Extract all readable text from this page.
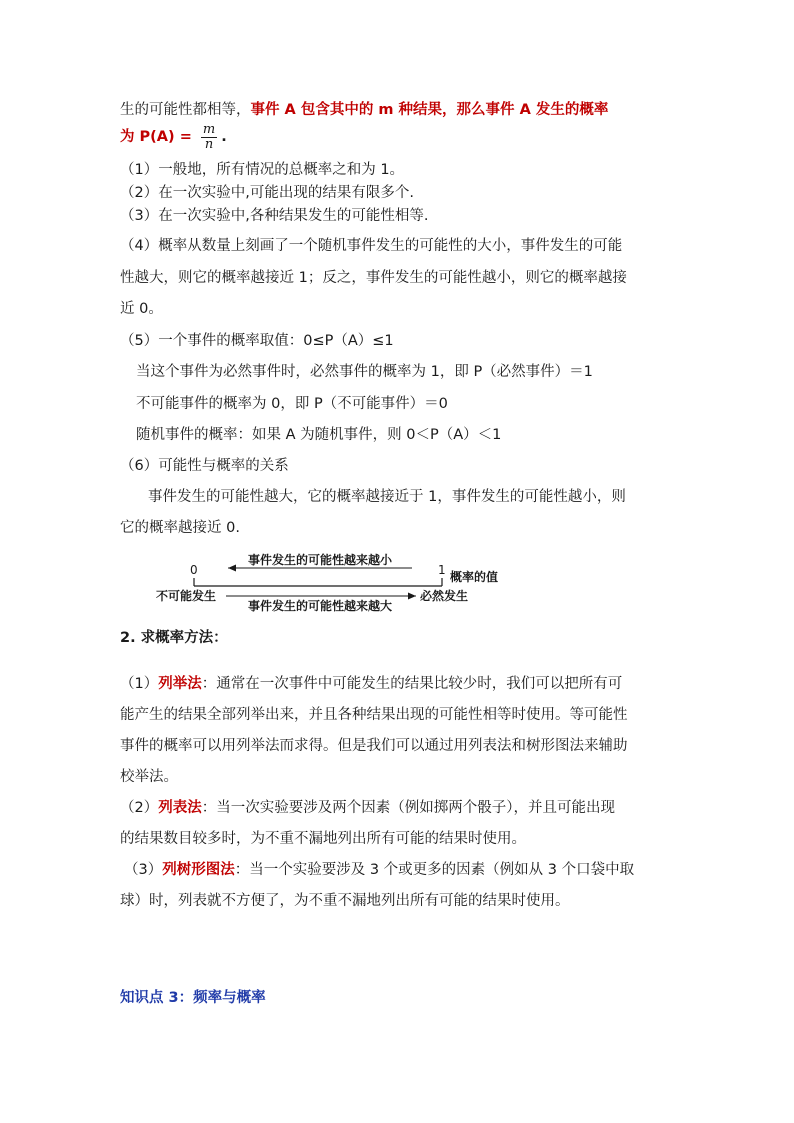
生的可能性都相等，事件 A 包含其中的 m 种结果，那么事件 A 发生的概率
为 $P(A) = \frac{m}{n}$ .
（1）一般地，所有情况的总概率之和为 1。
（2）在一次实验中,可能出现的结果有限多个.
（3）在一次实验中,各种结果发生的可能性相等.
（4）概率从数量上刻画了一个随机事件发生的可能性的大小，事件发生的可能
性越大，则它的概率越接近 1；反之，事件发生的可能性越小，则它的概率越接
近 0。
（5）一个事件的概率取值：0≤P（A）≤1
当这个事件为必然事件时，必然事件的概率为 1，即 P（必然事件）＝1
不可能事件的概率为 0，即 P（不可能事件）＝0
随机事件的概率：如果 A 为随机事件，则 0＜P（A）＜1
（6）可能性与概率的关系
事件发生的可能性越大，它的概率越接近于 1，事件发生的可能性越小，则
它的概率越接近 0.
0	1
事件发生的可能性越来越小
事件发生的可能性越来越大
不可能发生	必然发生
概率的值
2. 求概率方法：
（1）列举法：通常在一次事件中可能发生的结果比较少时，我们可以把所有可
能产生的结果全部列举出来，并且各种结果出现的可能性相等时使用。等可能性
事件的概率可以用列举法而求得。但是我们可以通过用列表法和树形图法来辅助
校举法。
（2）列表法：当一次实验要涉及两个因素（例如掷两个骰子），并且可能出现
的结果数目较多时，为不重不漏地列出所有可能的结果时使用。
（3）列树形图法：当一个实验要涉及 3 个或更多的因素（例如从 3 个口袋中取
球）时，列表就不方便了，为不重不漏地列出所有可能的结果时使用。
知识点 3：频率与概率
